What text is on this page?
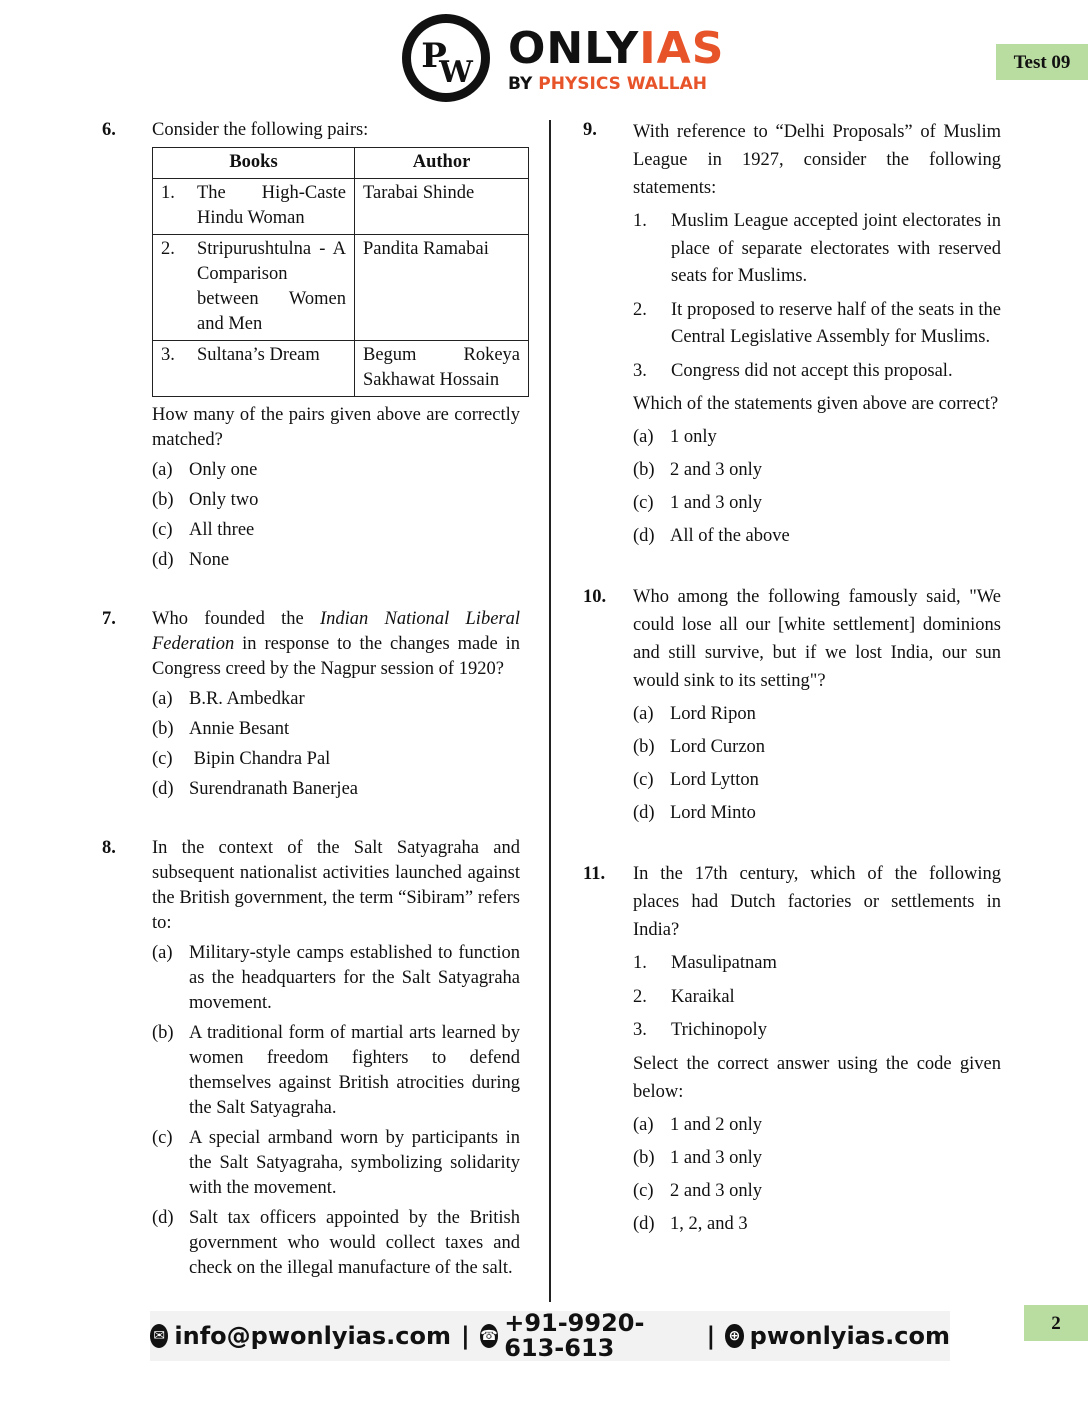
P
W ONLYIAS
BY PHYSICS WALLAH
Test 09
6. Consider the following pairs:
Books	Author

1. The High-Caste Hindu Woman	Tarabai Shinde

2. Stripurushtulna - A Comparison between Women and Men	Pandita Ramabai

3. Sultana’s Dream	Begum Rokeya Sakhawat Hossain
How many of the pairs given above are correctly matched?
(a) Only one
(b) Only two
(c) All three
(d) None
7. Who founded the Indian National Liberal Federation in response to the changes made in Congress creed by the Nagpur session of 1920?
(a) B.R. Ambedkar
(b) Annie Besant
(c) Bipin Chandra Pal
(d) Surendranath Banerjea
8. In the context of the Salt Satyagraha and subsequent nationalist activities launched against the British government, the term “Sibiram” refers to:
(a) Military-style camps established to function as the headquarters for the Salt Satyagraha movement.
(b) A traditional form of martial arts learned by women freedom fighters to defend themselves against British atrocities during the Salt Satyagraha.
(c) A special armband worn by participants in the Salt Satyagraha, symbolizing solidarity with the movement.
(d) Salt tax officers appointed by the British government who would collect taxes and check on the illegal manufacture of the salt.
9. With reference to “Delhi Proposals” of Muslim League in 1927, consider the following statements:
1. Muslim League accepted joint electorates in place of separate electorates with reserved seats for Muslims.
2. It proposed to reserve half of the seats in the Central Legislative Assembly for Muslims.
3. Congress did not accept this proposal.
Which of the statements given above are correct?
(a) 1 only
(b) 2 and 3 only
(c) 1 and 3 only
(d) All of the above
10. Who among the following famously said, "We could lose all our [white settlement] dominions and still survive, but if we lost India, our sun would sink to its setting"?
(a) Lord Ripon
(b) Lord Curzon
(c) Lord Lytton
(d) Lord Minto
11. In the 17th century, which of the following places had Dutch factories or settlements in India?
1. Masulipatnam
2. Karaikal
3. Trichinopoly
Select the correct answer using the code given below:
(a) 1 and 2 only
(b) 1 and 3 only
(c) 2 and 3 only
(d) 1, 2, and 3
✉ info@pwonlyias.com | ☎ +91-9920-613-613	| ⊕ pwonlyias.com	2
